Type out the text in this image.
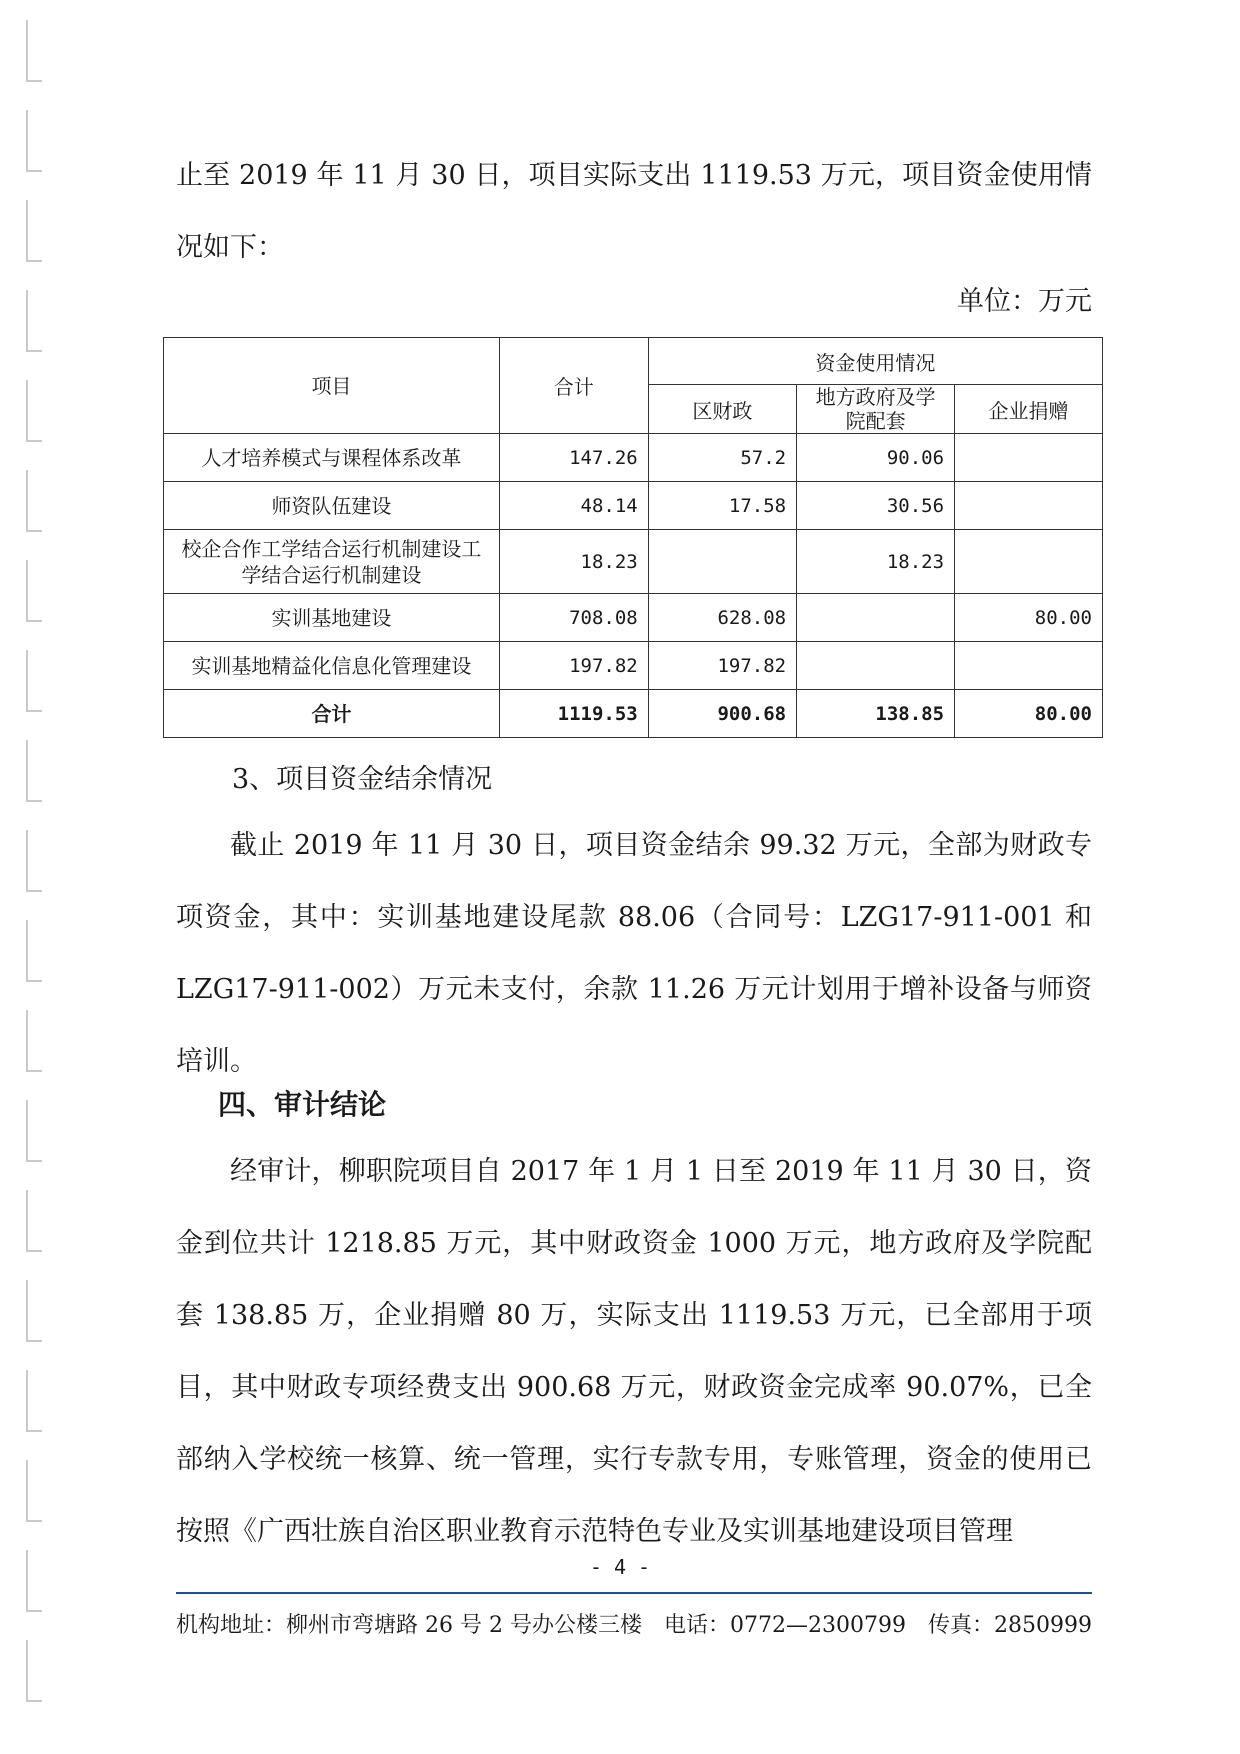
止至 2019 年 11 月 30 日，项目实际支出 1119.53 万元，项目资金使用情况如下：

单位：万元
项目	合计	资金使用情况		
		区财政	地方政府及学院配套	企业捐赠
人才培养模式与课程体系改革	147.26	57.2	90.06	
师资队伍建设	48.14	17.58	30.56	
校企合作工学结合运行机制建设工学结合运行机制建设	18.23		18.23	
实训基地建设	708.08	628.08		80.00
实训基地精益化信息化管理建设	197.82	197.82		
合计	1119.53	900.68	138.85	80.00
3、项目资金结余情况

截止 2019 年 11 月 30 日，项目资金结余 99.32 万元，全部为财政专项资金，其中：实训基地建设尾款 88.06（合同号：LZG17-911-001 和 LZG17-911-002）万元未支付，余款 11.26 万元计划用于增补设备与师资培训。

四、审计结论

经审计，柳职院项目自 2017 年 1 月 1 日至 2019 年 11 月 30 日，资金到位共计 1218.85 万元，其中财政资金 1000 万元，地方政府及学院配套 138.85 万，企业捐赠 80 万，实际支出 1119.53 万元，已全部用于项目，其中财政专项经费支出 900.68 万元，财政资金完成率 90.07%，已全部纳入学校统一核算、统一管理，实行专款专用，专账管理，资金的使用已按照《广西壮族自治区职业教育示范特色专业及实训基地建设项目管理

- 4 -
机构地址：柳州市弯塘路 26 号 2 号办公楼三楼 电话：0772—2300799 传真：2850999
